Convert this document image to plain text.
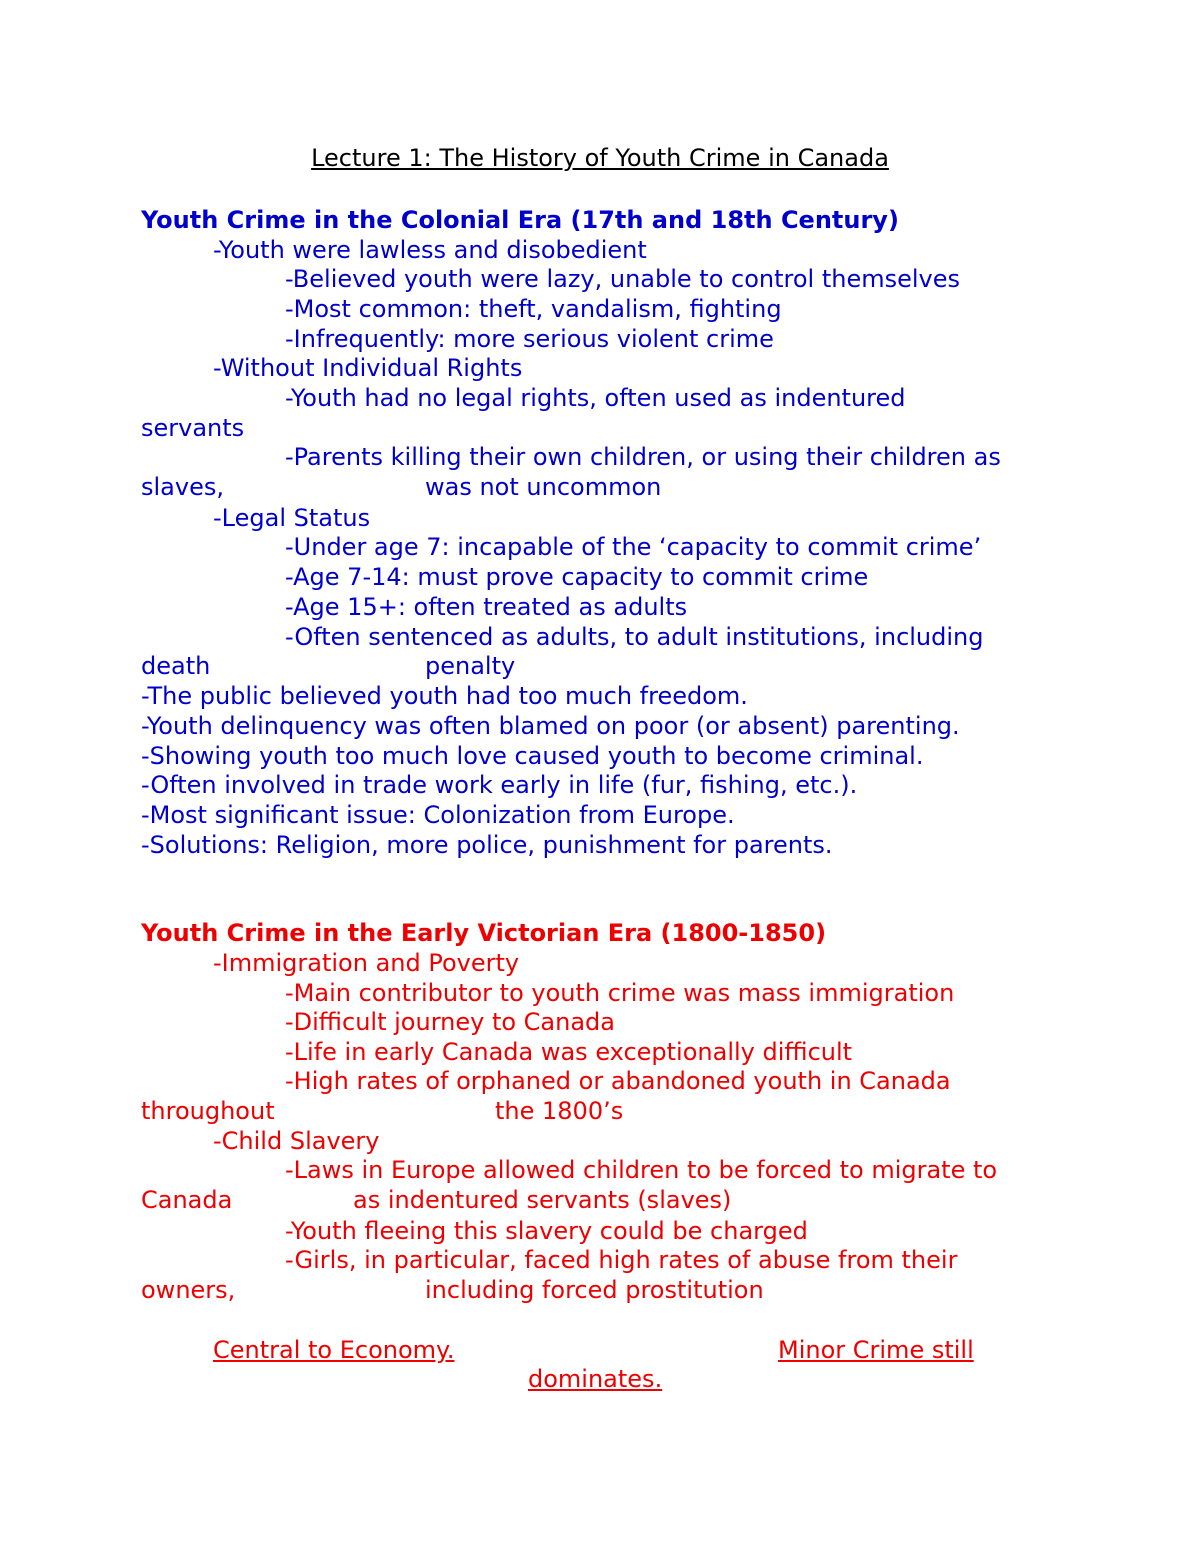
Lecture 1: The History of Youth Crime in Canada
Youth Crime in the Colonial Era (17th and 18th Century)
-Youth were lawless and disobedient
-Believed youth were lazy, unable to control themselves
-Most common: theft, vandalism, fighting
-Infrequently: more serious violent crime
-Without Individual Rights
-Youth had no legal rights, often used as indentured
servants
-Parents killing their own children, or using their children as
slaves,	was not uncommon
-Legal Status
-Under age 7: incapable of the ‘capacity to commit crime’
-Age 7-14: must prove capacity to commit crime
-Age 15+: often treated as adults
-Often sentenced as adults, to adult institutions, including
death	penalty
-The public believed youth had too much freedom.
-Youth delinquency was often blamed on poor (or absent) parenting.
-Showing youth too much love caused youth to become criminal.
-Often involved in trade work early in life (fur, fishing, etc.).
-Most significant issue: Colonization from Europe.
-Solutions: Religion, more police, punishment for parents.
Youth Crime in the Early Victorian Era (1800-1850)
-Immigration and Poverty
-Main contributor to youth crime was mass immigration
-Difficult journey to Canada
-Life in early Canada was exceptionally difficult
-High rates of orphaned or abandoned youth in Canada
throughout	the 1800’s
-Child Slavery
-Laws in Europe allowed children to be forced to migrate to
Canada	as indentured servants (slaves)
-Youth fleeing this slavery could be charged
-Girls, in particular, faced high rates of abuse from their
owners,	including forced prostitution
Central to Economy.	Minor Crime still
dominates.
